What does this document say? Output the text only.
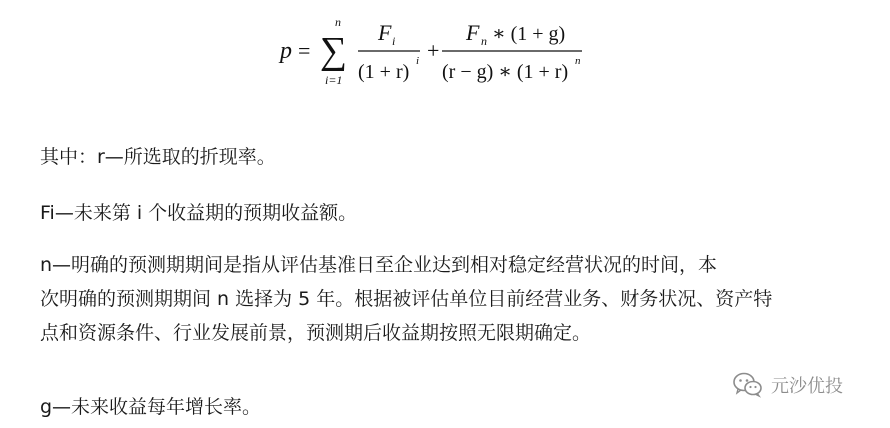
p = ∑
n
i=1
F i
(1 + r) i +
F n ∗ (1 + g)
(r − g) ∗ (1 + r) n
其中：r—所选取的折现率。
Fi—未来第 i 个收益期的预期收益额。
n—明确的预测期期间是指从评估基准日至企业达到相对稳定经营状况的时间，本
次明确的预测期期间 n 选择为 5 年。根据被评估单位目前经营业务、财务状况、资产特
点和资源条件、行业发展前景，预测期后收益期按照无限期确定。
g—未来收益每年增长率。
元沙优投
